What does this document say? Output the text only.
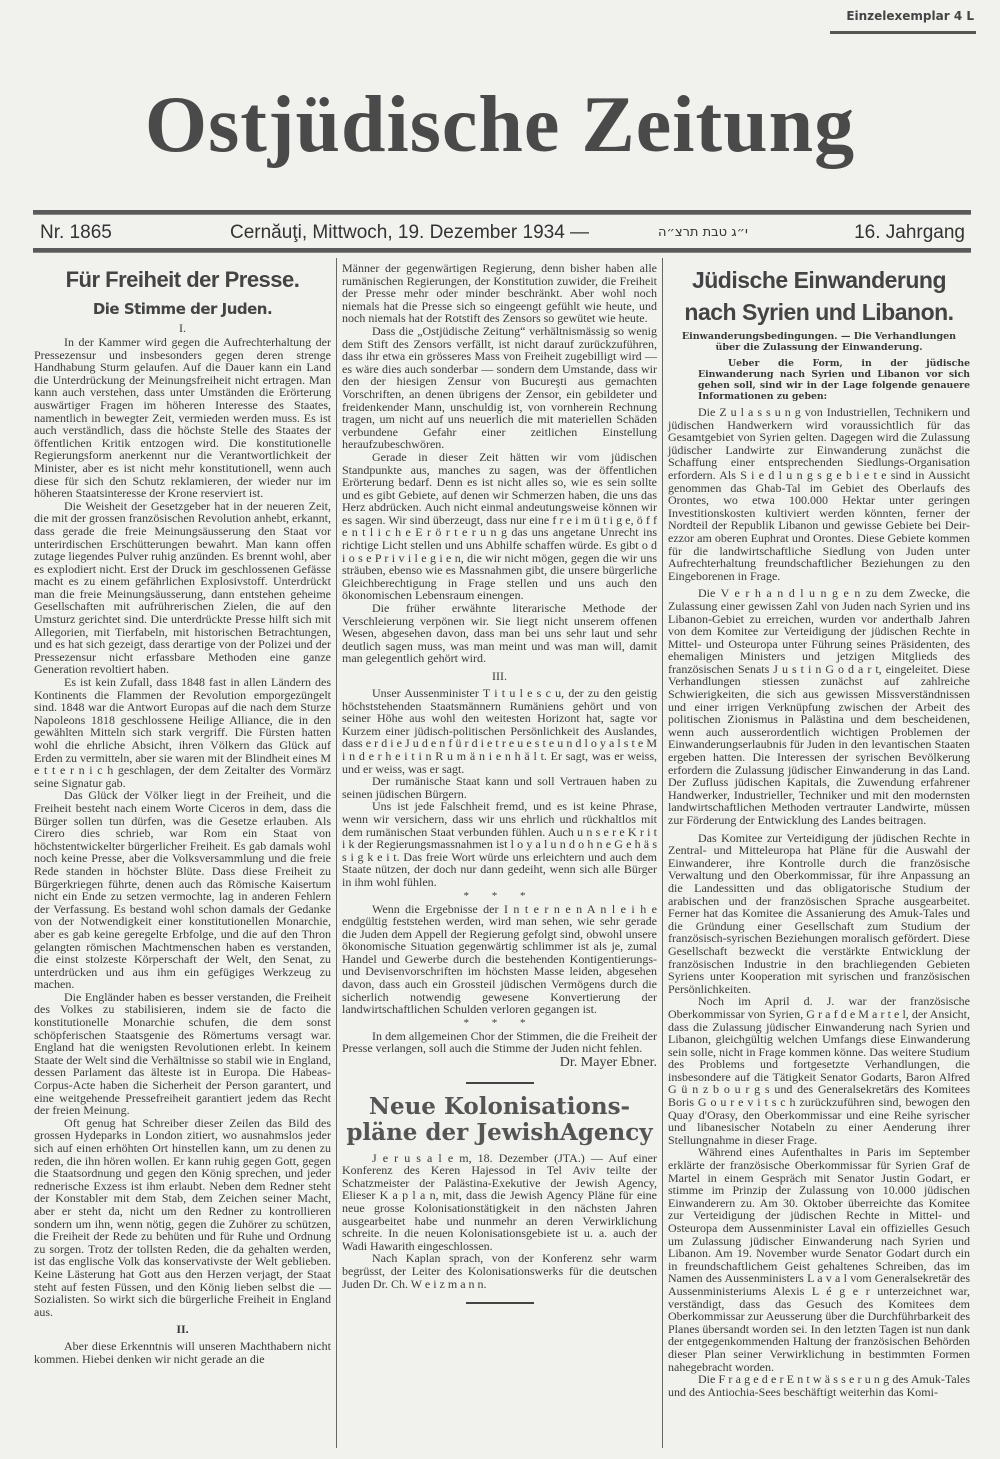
Einzelexemplar 4 L
Ostjüdische Zeitung
Nr. 1865	Cernăuţi, Mittwoch, 19. Dezember 1934 —	י״ג טבת תרצ״ה	16. Jahrgang
Für Freiheit der Presse.
Die Stimme der Juden.

I.

In der Kammer wird gegen die Aufrechterhaltung der Pressezensur und insbesonders gegen deren strenge Handhabung Sturm gelaufen. Auf die Dauer kann ein Land die Unterdrückung der Meinungsfreiheit nicht ertragen. Man kann auch verstehen, dass unter Umständen die Erörterung auswärtiger Fragen im höheren Interesse des Staates, namentlich in bewegter Zeit, vermieden werden muss. Es ist auch verständlich, dass die höchste Stelle des Staates der öffentlichen Kritik entzogen wird. Die konstitutionelle Regierungsform anerkennt nur die Verantwortlichkeit der Minister, aber es ist nicht mehr konstitutionell, wenn auch diese für sich den Schutz reklamieren, der wieder nur im höheren Staatsinteresse der Krone reserviert ist.

Die Weisheit der Gesetzgeber hat in der neueren Zeit, die mit der grossen französischen Revolution anhebt, erkannt, dass gerade die freie Meinungsäusserung den Staat vor unterirdischen Erschütterungen bewahrt. Man kann offen zutage liegendes Pulver ruhig anzünden. Es brennt wohl, aber es explodiert nicht. Erst der Druck im geschlossenen Gefässe macht es zu einem gefährlichen Explosivstoff. Unterdrückt man die freie Meinungsäusserung, dann entstehen geheime Gesellschaften mit aufrührerischen Zielen, die auf den Umsturz gerichtet sind. Die unterdrückte Presse hilft sich mit Allegorien, mit Tierfabeln, mit historischen Betrachtungen, und es hat sich gezeigt, dass derartige von der Polizei und der Pressezensur nicht erfassbare Methoden eine ganze Generation revoltiert haben.

Es ist kein Zufall, dass 1848 fast in allen Ländern des Kontinents die Flammen der Revolution emporgezüngelt sind. 1848 war die Antwort Europas auf die nach dem Sturze Napoleons 1818 geschlossene Heilige Alliance, die in den gewählten Mitteln sich stark vergriff. Die Fürsten hatten wohl die ehrliche Absicht, ihren Völkern das Glück auf Erden zu vermitteln, aber sie waren mit der Blindheit eines M e t t e r n i c h geschlagen, der dem Zeitalter des Vormärz seine Signatur gab.

Das Glück der Völker liegt in der Freiheit, und die Freiheit besteht nach einem Worte Ciceros in dem, dass die Bürger sollen tun dürfen, was die Gesetze erlauben. Als Cirero dies schrieb, war Rom ein Staat von höchstentwickelter bürgerlicher Freiheit. Es gab damals wohl noch keine Presse, aber die Volksversammlung und die freie Rede standen in höchster Blüte. Dass diese Freiheit zu Bürgerkriegen führte, denen auch das Römische Kaisertum nicht ein Ende zu setzen vermochte, lag in anderen Fehlern der Verfassung. Es bestand wohl schon damals der Gedanke von der Notwendigkeit einer konstitutionellen Monarchie, aber es gab keine geregelte Erbfolge, und die auf den Thron gelangten römischen Machtmenschen haben es verstanden, die einst stolzeste Körperschaft der Welt, den Senat, zu unterdrücken und aus ihm ein gefügiges Werkzeug zu machen.

Die Engländer haben es besser verstanden, die Freiheit des Volkes zu stabilisieren, indem sie de facto die konstitutionelle Monarchie schufen, die dem sonst schöpferischen Staatsgenie des Römertums versagt war. England hat die wenigsten Revolutionen erlebt. In keinem Staate der Welt sind die Verhältnisse so stabil wie in England, dessen Parlament das älteste ist in Europa. Die Habeas-Corpus-Acte haben die Sicherheit der Person garantert, und eine weitgehende Pressefreiheit garantiert jedem das Recht der freien Meinung.

Oft genug hat Schreiber dieser Zeilen das Bild des grossen Hydeparks in London zitiert, wo ausnahmslos jeder sich auf einen erhöhten Ort hinstellen kann, um zu denen zu reden, die ihn hören wollen. Er kann ruhig gegen Gott, gegen die Staatsordnung und gegen den König sprechen, und jeder rednerische Exzess ist ihm erlaubt. Neben dem Redner steht der Konstabler mit dem Stab, dem Zeichen seiner Macht, aber er steht da, nicht um den Redner zu kontrollieren sondern um ihn, wenn nötig, gegen die Zuhörer zu schützen, die Freiheit der Rede zu behüten und für Ruhe und Ordnung zu sorgen. Trotz der tollsten Reden, die da gehalten werden, ist das englische Volk das konservativste der Welt geblieben. Keine Lästerung hat Gott aus den Herzen verjagt, der Staat steht auf festen Füssen, und den König lieben selbst die — Sozialisten. So wirkt sich die bürgerliche Freiheit in England aus.

II.

Aber diese Erkenntnis will unseren Machthabern nicht kommen. Hiebei denken wir nicht gerade an die

Männer der gegenwärtigen Regierung, denn bisher haben alle rumänischen Regierungen, der Konstitution zuwider, die Freiheit der Presse mehr oder minder beschränkt. Aber wohl noch niemals hat die Presse sich so eingeengt gefühlt wie heute, und noch niemals hat der Rotstift des Zensors so gewütet wie heute.

Dass die „Ostjüdische Zeitung“ verhältnismässig so wenig dem Stift des Zensors verfällt, ist nicht darauf zurückzuführen, dass ihr etwa ein grösseres Mass von Freiheit zugebilligt wird — es wäre dies auch sonderbar — sondern dem Umstande, dass wir den der hiesigen Zensur von Bucureşti aus gemachten Vorschriften, an denen übrigens der Zensor, ein gebildeter und freidenkender Mann, unschuldig ist, von vornherein Rechnung tragen, um nicht auf uns neuerlich die mit materiellen Schäden verbundene Gefahr einer zeitlichen Einstellung heraufzubeschwören.

Gerade in dieser Zeit hätten wir vom jüdischen Standpunkte aus, manches zu sagen, was der öffentlichen Erörterung bedarf. Denn es ist nicht alles so, wie es sein sollte und es gibt Gebiete, auf denen wir Schmerzen haben, die uns das Herz abdrücken. Auch nicht einmal andeutungsweise können wir es sagen. Wir sind überzeugt, dass nur eine f r e i m ü t i g e, ö f f e n t l i c h e E r ö r t e r u n g das uns angetane Unrecht ins richtige Licht stellen und uns Abhilfe schaffen würde. Es gibt o d i o s e P r i v i l e g i e n, die wir nicht mögen, gegen die wir uns sträuben, ebenso wie es Massnahmen gibt, die unsere bürgerliche Gleichberechtigung in Frage stellen und uns auch den ökonomischen Lebensraum einengen.

Die früher erwähnte literarische Methode der Verschleierung verpönen wir. Sie liegt nicht unserem offenen Wesen, abgesehen davon, dass man bei uns sehr laut und sehr deutlich sagen muss, was man meint und was man will, damit man gelegentlich gehört wird.

III.

Unser Aussenminister T i t u l e s c u, der zu den geistig höchststehenden Staatsmännern Rumäniens gehört und von seiner Höhe aus wohl den weitesten Horizont hat, sagte vor Kurzem einer jüdisch-politischen Persönlichkeit des Auslandes, dass e r d i e J u d e n f ü r d i e t r e u e s t e u n d l o y a l s t e M i n d e r h e i t i n R u m ä n i e n h ä l t. Er sagt, was er weiss, und er weiss, was er sagt.

Der rumänische Staat kann und soll Vertrauen haben zu seinen jüdischen Bürgern.

Uns ist jede Falschheit fremd, und es ist keine Phrase, wenn wir versichern, dass wir uns ehrlich und rückhaltlos mit dem rumänischen Staat verbunden fühlen. Auch u n s e r e K r i t i k der Regierungsmassnahmen ist l o y a l u n d o h n e G e h ä s s i g k e i t. Das freie Wort würde uns erleichtern und auch dem Staate nützen, der doch nur dann gedeiht, wenn sich alle Bürger in ihm wohl fühlen.

* * *

Wenn die Ergebnisse der I n t e r n e n A n l e i h e endgültig feststehen werden, wird man sehen, wie sehr gerade die Juden dem Appell der Regierung gefolgt sind, obwohl unsere ökonomische Situation gegenwärtig schlimmer ist als je, zumal Handel und Gewerbe durch die bestehenden Kontigentierungs- und Devisenvorschriften im höchsten Masse leiden, abgesehen davon, dass auch ein Grossteil jüdischen Vermögens durch die sicherlich notwendig gewesene Konvertierung der landwirtschaftlichen Schulden verloren gegangen ist.

* * *

In dem allgemeinen Chor der Stimmen, die die Freiheit der Presse verlangen, soll auch die Stimme der Juden nicht fehlen.

Dr. Mayer Ebner.

Neue Kolonisations-pläne der JewishAgency

J e r u s a l e m, 18. Dezember (JTA.) — Auf einer Konferenz des Keren Hajessod in Tel Aviv teilte der Schatzmeister der Palästina-Exekutive der Jewish Agency, Elieser K a p l a n, mit, dass die Jewish Agency Pläne für eine neue grosse Kolonisationstätigkeit in den nächsten Jahren ausgearbeitet habe und nunmehr an deren Verwirklichung schreite. In die neuen Kolonisationsgebiete ist u. a. auch der Wadi Hawarith eingeschlossen.

Nach Kaplan sprach, von der Konferenz sehr warm begrüsst, der Leiter des Kolonisationswerks für die deutschen Juden Dr. Ch. W e i z m a n n.

Jüdische Einwanderung
nach Syrien und Libanon.

Einwanderungsbedingungen. — Die Verhandlungen über die Zulassung der Einwanderung.

Ueber die Form, in der jüdische Einwanderung nach Syrien und Libanon vor sich gehen soll, sind wir in der Lage folgende genauere Informationen zu geben:

Die Z u l a s s u n g von Industriellen, Technikern und jüdischen Handwerkern wird voraussichtlich für das Gesamtgebiet von Syrien gelten. Dagegen wird die Zulassung jüdischer Landwirte zur Einwanderung zunächst die Schaffung einer entsprechenden Siedlungs-Organisation erfordern. Als S i e d l u n g s g e b i e t e sind in Aussicht genommen das Ghab-Tal im Gebiet des Oberlaufs des Orontes, wo etwa 100.000 Hektar unter geringen Investitionskosten kultiviert werden könnten, ferner der Nordteil der Republik Libanon und gewisse Gebiete bei Deir-ezzor am oberen Euphrat und Orontes. Diese Gebiete kommen für die landwirtschaftliche Siedlung von Juden unter Aufrechterhaltung freundschaftlicher Beziehungen zu den Eingeborenen in Frage.

Die V e r h a n d l u n g e n zu dem Zwecke, die Zulassung einer gewissen Zahl von Juden nach Syrien und ins Libanon-Gebiet zu erreichen, wurden vor anderthalb Jahren von dem Komitee zur Verteidigung der jüdischen Rechte in Mittel- und Osteuropa unter Führung seines Präsidenten, des ehemaligen Ministers und jetzigen Mitglieds des französischen Senats J u s t i n G o d a r t, eingeleitet. Diese Verhandlungen stiessen zunächst auf zahlreiche Schwierigkeiten, die sich aus gewissen Missverständnissen und einer irrigen Verknüpfung zwischen der Arbeit des politischen Zionismus in Palästina und dem bescheidenen, wenn auch ausserordentlich wichtigen Problemen der Einwanderungserlaubnis für Juden in den levantischen Staaten ergeben hatten. Die Interessen der syrischen Bevölkerung erfordern die Zulassung jüdischer Einwanderung in das Land. Der Zufluss jüdischen Kapitals, die Zuwendung erfahrener Handwerker, Industrieller, Techniker und mit den modernsten landwirtschaftlichen Methoden vertrauter Landwirte, müssen zur Förderung der Entwicklung des Landes beitragen.

Das Komitee zur Verteidigung der jüdischen Rechte in Zentral- und Mitteleuropa hat Pläne für die Auswahl der Einwanderer, ihre Kontrolle durch die französische Verwaltung und den Oberkommissar, für ihre Anpassung an die Landessitten und das obligatorische Studium der arabischen und der französischen Sprache ausgearbeitet. Ferner hat das Komitee die Assanierung des Amuk-Tales und die Gründung einer Gesellschaft zum Studium der französisch-syrischen Beziehungen moralisch gefördert. Diese Gesellschaft bezweckt die verstärkte Entwicklung der französischen Industrie in den brachliegenden Gebieten Syriens unter Kooperation mit syrischen und französischen Persönlichkeiten.

Noch im April d. J. war der französische Oberkommissar von Syrien, G r a f d e M a r t e l, der Ansicht, dass die Zulassung jüdischer Einwanderung nach Syrien und Libanon, gleichgültig welchen Umfangs diese Einwanderung sein solle, nicht in Frage kommen könne. Das weitere Studium des Problems und fortgesetzte Verhandlungen, die insbesondere auf die Tätigkeit Senator Godarts, Baron Alfred G ü n z b o u r g s und des Generalsekretärs des Komitees Boris G o u r e v i t s c h zurückzuführen sind, bewogen den Quay d'Orasy, den Oberkommissar und eine Reihe syrischer und libanesischer Notabeln zu einer Aenderung ihrer Stellungnahme in dieser Frage.

Während eines Aufenthaltes in Paris im September erklärte der französische Oberkommissar für Syrien Graf de Martel in einem Gespräch mit Senator Justin Godart, er stimme im Prinzip der Zulassung von 10.000 jüdischen Einwanderern zu. Am 30. Oktober überreichte das Komitee zur Verteidigung der jüdischen Rechte in Mittel- und Osteuropa dem Aussenminister Laval ein offizielles Gesuch um Zulassung jüdischer Einwanderung nach Syrien und Libanon. Am 19. November wurde Senator Godart durch ein in freundschaftlichem Geist gehaltenes Schreiben, das im Namen des Aussenministers L a v a l vom Generalsekretär des Aussenministeriums Alexis L é g e r unterzeichnet war, verständigt, dass das Gesuch des Komitees dem Oberkommissar zur Aeusserung über die Durchführbarkeit des Planes übersandt worden sei. In den letzten Tagen ist nun dank der entgegenkommenden Haltung der französischen Behörden dieser Plan seiner Verwirklichung in bestimmten Formen nahegebracht worden.

Die F r a g e d e r E n t w ä s s e r u n g des Amuk-Tales und des Antiochia-Sees beschäftigt weiterhin das Komi-
